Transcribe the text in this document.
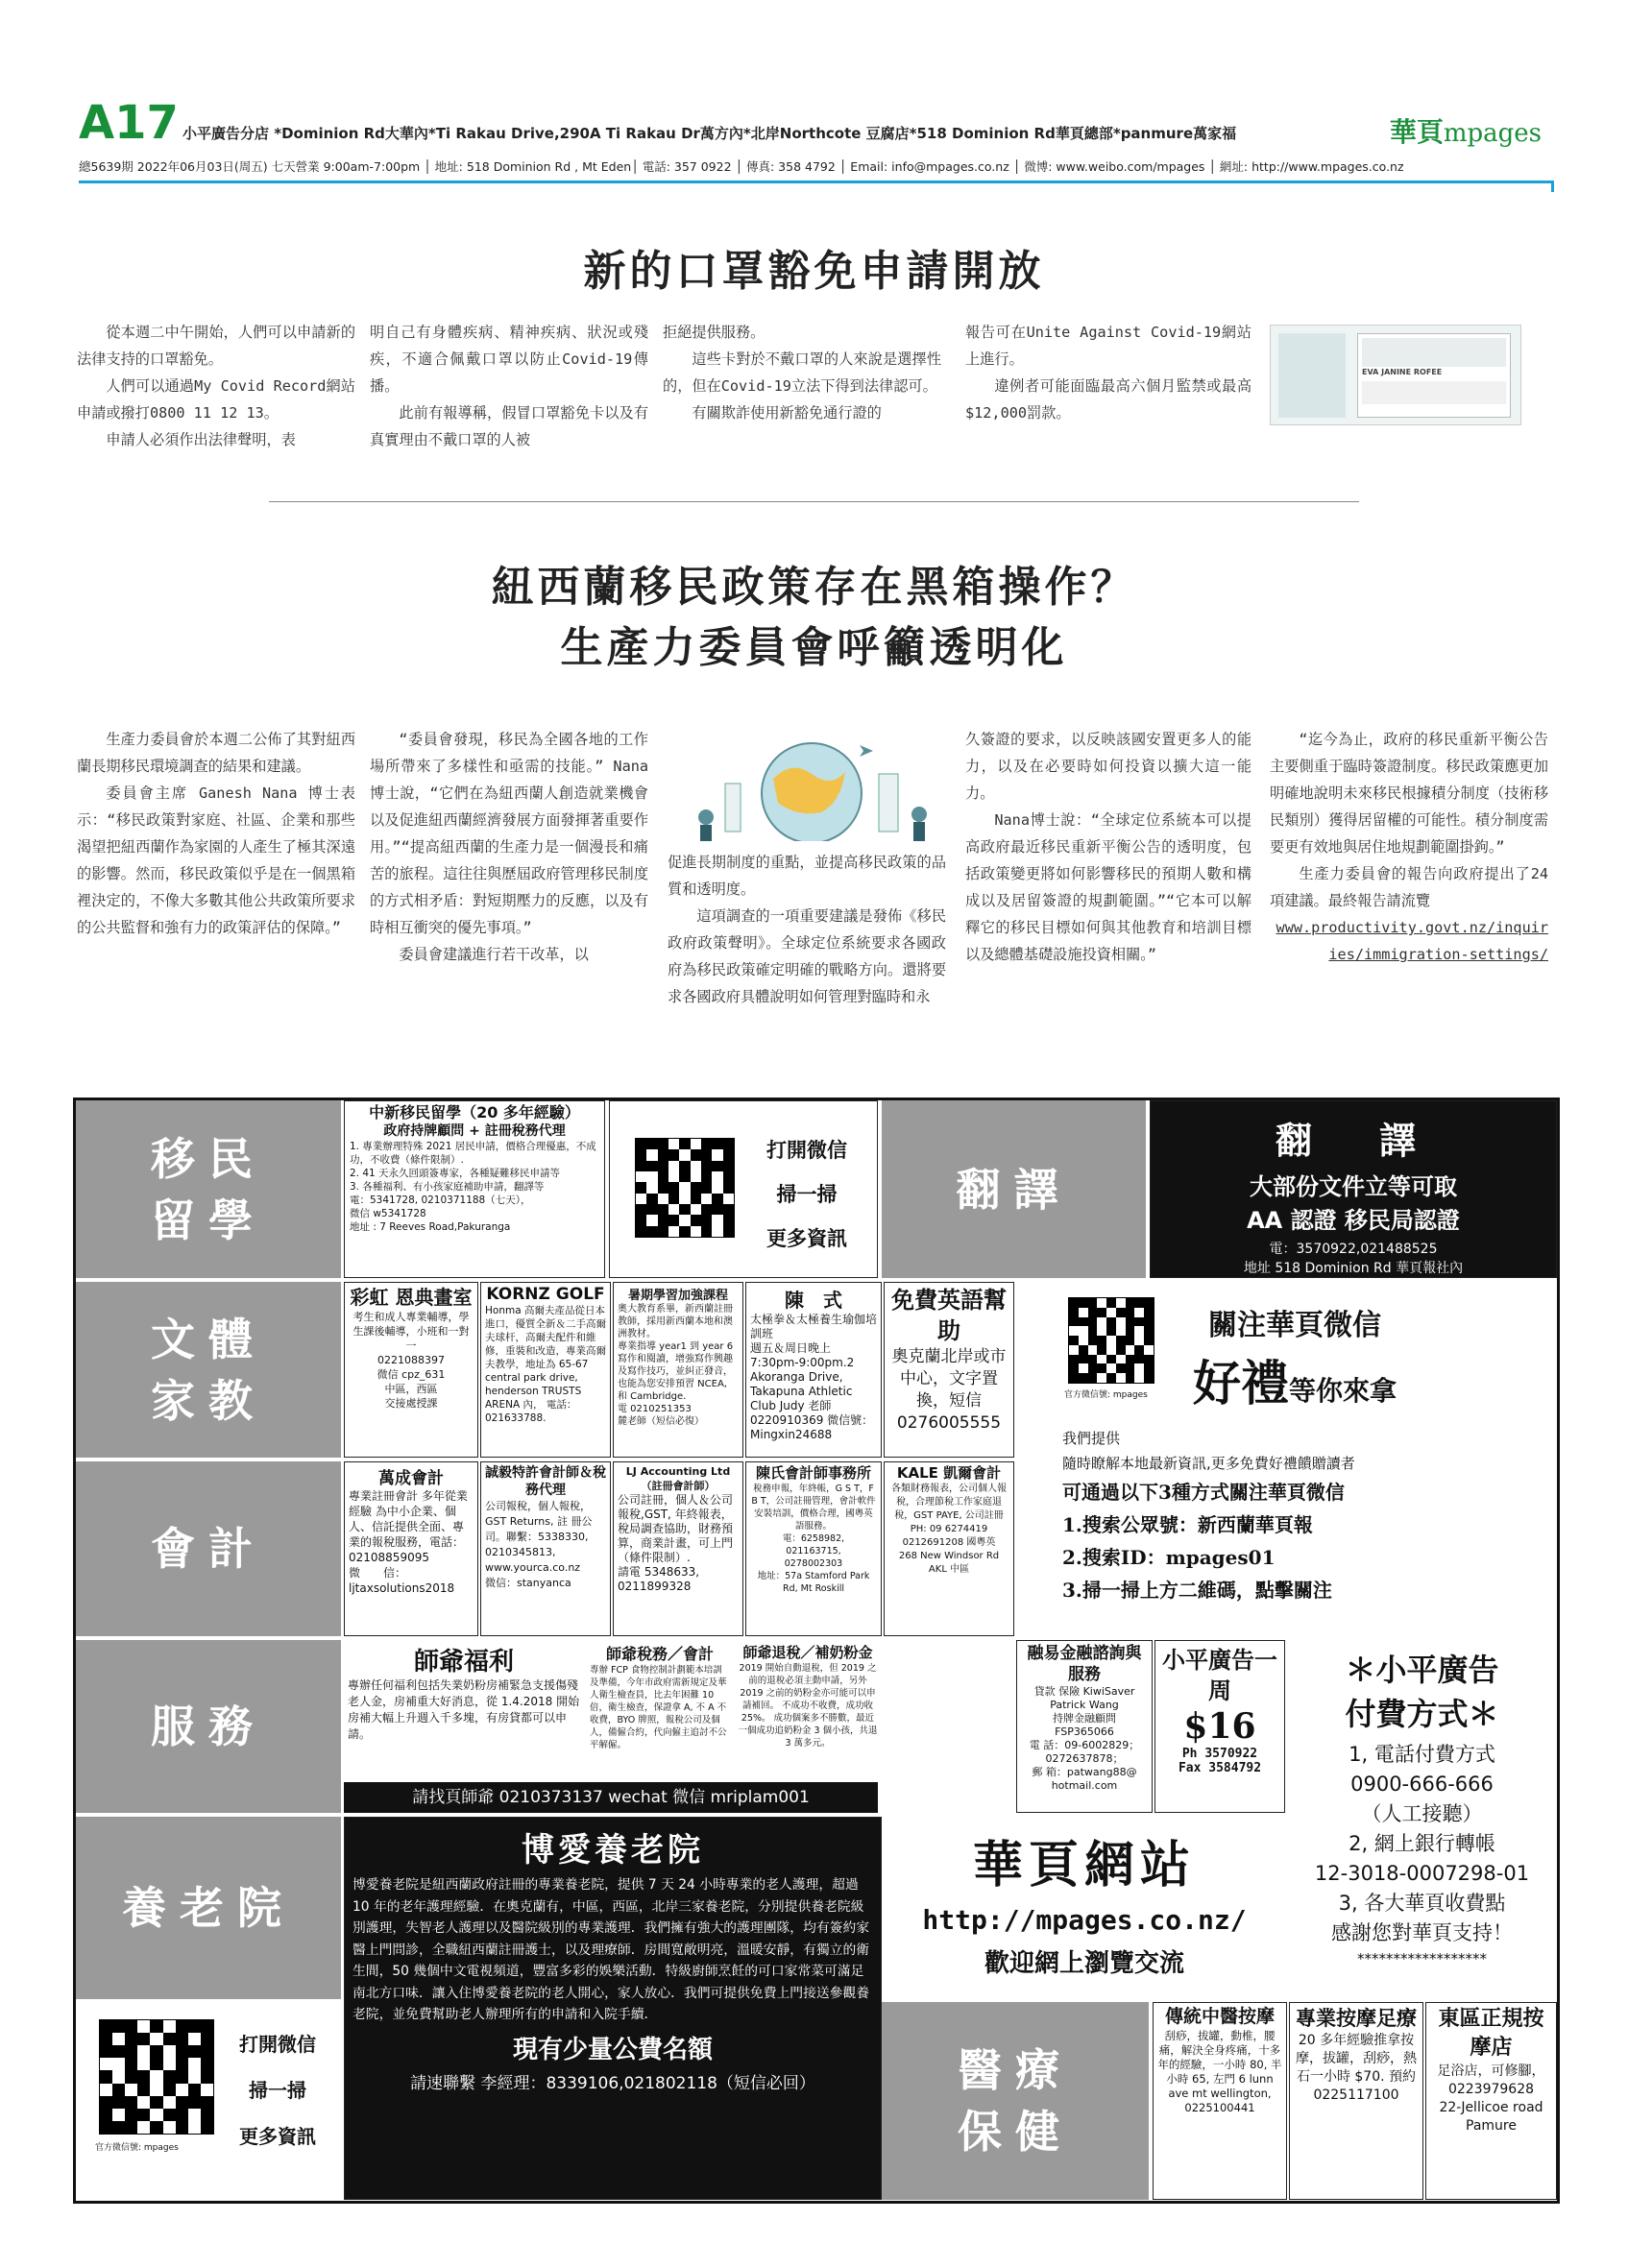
A17 小平廣告分店 *Dominion Rd大華內*Ti Rakau Drive,290A Ti Rakau Dr萬方內*北岸Northcote 豆腐店*518 Dominion Rd華頁總部*panmure萬家福
總5639期 2022年06月03日(周五) 七天營業 9:00am-7:00pm │ 地址: 518 Dominion Rd , Mt Eden│ 電話: 357 0922 │ 傳真: 358 4792 │ Email: info@mpages.co.nz │ 微博: www.weibo.com/mpages │ 網址: http://www.mpages.co.nz
華頁mpages
新的口罩豁免申請開放

從本週二中午開始，人們可以申請新的法律支持的口罩豁免。

人們可以通過My Covid Record網站申請或撥打0800 11 12 13。

申請人必須作出法律聲明，表

明自己有身體疾病、精神疾病、狀況或殘疾，不適合佩戴口罩以防止Covid-19傳播。

此前有報導稱，假冒口罩豁免卡以及有真實理由不戴口罩的人被

拒絕提供服務。

這些卡對於不戴口罩的人來說是選擇性的，但在Covid-19立法下得到法律認可。

有關欺詐使用新豁免通行證的

報告可在Unite Against Covid-19網站上進行。

違例者可能面臨最高六個月監禁或最高$12,000罰款。

EVA JANINE ROFEE
紐西蘭移民政策存在黑箱操作？
生產力委員會呼籲透明化

生產力委員會於本週二公佈了其對紐西蘭長期移民環境調查的結果和建議。

委員會主席 Ganesh Nana 博士表示：“移民政策對家庭、社區、企業和那些渴望把紐西蘭作為家園的人產生了極其深遠的影響。然而，移民政策似乎是在一個黑箱裡決定的，不像大多數其他公共政策所要求的公共監督和強有力的政策評估的保障。”

“委員會發現，移民為全國各地的工作場所帶來了多樣性和亟需的技能。” Nana博士說，“它們在為紐西蘭人創造就業機會以及促進紐西蘭經濟發展方面發揮著重要作用。”“提高紐西蘭的生產力是一個漫長和痛苦的旅程。這往往與歷屆政府管理移民制度的方式相矛盾：對短期壓力的反應，以及有時相互衝突的優先事項。”

委員會建議進行若干改革，以

促進長期制度的重點，並提高移民政策的品質和透明度。

這項調查的一項重要建議是發佈《移民政府政策聲明》。全球定位系統要求各國政府為移民政策確定明確的戰略方向。還將要求各國政府具體說明如何管理對臨時和永

久簽證的要求，以反映該國安置更多人的能力，以及在必要時如何投資以擴大這一能力。

Nana博士說：“全球定位系統本可以提高政府最近移民重新平衡公告的透明度，包括政策變更將如何影響移民的預期人數和構成以及居留簽證的規劃範圍。”“它本可以解釋它的移民目標如何與其他教育和培訓目標以及總體基礎設施投資相關。”

“迄今為止，政府的移民重新平衡公告主要側重于臨時簽證制度。移民政策應更加明確地說明未來移民根據積分制度（技術移民類別）獲得居留權的可能性。積分制度需要更有效地與居住地規劃範圍掛鉤。”

生產力委員會的報告向政府提出了24項建議。最終報告請流覽

www.productivity.govt.nz/inquiries/immigration-settings/

移民
留學
文體
家教
會計
服務
養老院
醫療
保健
翻譯
中新移民留學（20 多年經驗）
政府持牌顧問 + 註冊稅務代理
1. 專業辦理特殊 2021 居民申請，價格合理優惠，不成功，不收費（條件限制）.
2. 41 天永久回頭簽專家，各種疑難移民申請等
3. 各種福利、有小孩家庭補助申請，翻譯等
電：5341728, 0210371188（七天），
微信 w5341728
地址 : 7 Reeves Road,Pakuranga
打開微信
掃一掃
更多資訊
翻　譯
大部份文件立等可取
AA 認證 移民局認證
電：3570922,021488525
地址 518 Dominion Rd 華頁報社內
彩虹 恩典畫室
考生和成人專業輔導，學生課後輔導，小班和一對一
0221088397
微信 cpz_631
中區，西區
交接處授課
KORNZ GOLF
Honma 高爾夫產品從日本進口，優質全新＆二手高爾夫球杆，高爾夫配件和維修，重裝和改造，專業高爾夫教學，地址為 65-67 central park drive, henderson TRUSTS ARENA 內， 電話：021633788.
暑期學習加強課程
奧大教育系畢，新西蘭註冊教師，採用新西蘭本地和澳洲教材。
專業指導 year1 到 year 6 寫作和閱讀，增強寫作興趣及寫作技巧，並糾正發音，也能為您安排預習 NCEA,
和 Cambridge.
電 0210251353
麓老師（短信必復）
陳　式
太極拳＆太極養生瑜伽培訓班
週五＆周日晚上
7:30pm-9:00pm.2 Akoranga Drive, Takapuna Athletic Club Judy 老師
0220910369 微信號：Mingxin24688
免費英語幫助
奧克蘭北岸或市中心，文字置換，短信
0276005555
官方微信號: mpages
關注華頁微信
好禮等你來拿
我們提供
隨時瞭解本地最新資訊,更多免費好禮饋贈讀者
可通過以下3種方式關注華頁微信
1.搜索公眾號：新西蘭華頁報
2.搜索ID：mpages01
3.掃一掃上方二維碼，點擊關注
萬成會計
專業註冊會計 多年從業經驗 為中小企業、個人、信託提供全面、專業的報稅服務，電話：02108859095
微　　信：
ljtaxsolutions2018
誠毅特許會計師＆稅務代理
公司報稅，個人報稅，GST Returns, 註 冊公司。聯繫：5338330, 0210345813,
www.yourca.co.nz
微信：stanyanca
LJ Accounting Ltd（註冊會計師）
公司註冊，個人＆公司報稅,GST, 年終報表，稅局調查協助，財務預算，商業計畫，可上門（條件限制）.
請電 5348633,
0211899328
陳氏會計師事務所
稅務申報，年終帳，G S T，F B T，公司註冊管理，會計軟件安裝培訓，價格合理，國粵英語服務。
電：6258982,
021163715,
0278002303
地址：57a Stamford Park Rd, Mt Roskill
KALE 凱爾會計
各類財務報表，公司個人報稅，合理節稅工作家庭退稅，GST PAYE, 公司註冊
PH: 09 6274419
0212691208 國粵英
268 New Windsor Rd AKL 中區
師爺福利
專辦任何福利包括失業奶粉房補緊急支援傷殘老人金，房補重大好消息，從 1.4.2018 開始房補大幅上升週入千多塊，有房貸都可以申請。
師爺稅務／會計
專辦 FCP 食物控制計劃範本培訓及準備，今年市政府需新規定及華人衛生檢查員，比去年困難 10 倍，衛生檢查，保證拿 A, 不 A 不收費，BYO 牌照，報稅公司及個人，備僱合約，代向僱主追討不公平解僱。
師爺退稅／補奶粉金
2019 開始自動退稅，但 2019 之前的退稅必須主動申請，另外 2019 之前的奶粉金亦可能可以申請補回。 不成功不收費，成功收 25%。 成功個案多不勝數，最近一個成功追奶粉金 3 個小孩，共退 3 萬多元。
請找頁師爺 0210373137 wechat 微信 mriplam001
融易金融諮詢與服務
貸款 保險 KiwiSaver
Patrick Wang
持牌金融顧問
FSP365066
電 話：09-6002829；
0272637878；
郵 箱：patwang88@ hotmail.com
小平廣告一周
$16
Ph 3570922
Fax 3584792
＊小平廣告
付費方式＊
1, 電話付費方式
0900-666-666
（人工接聽）
2, 網上銀行轉帳
12-3018-0007298-01
3, 各大華頁收費點
感謝您對華頁支持！
******************
博愛養老院
博愛養老院是紐西蘭政府註冊的專業養老院，提供 7 天 24 小時專業的老人護理，超過 10 年的老年護理經驗．在奧克蘭有，中區，西區，北岸三家養老院，分別提供養老院級別護理，失智老人護理以及醫院級別的專業護理．我們擁有強大的護理團隊，均有簽約家醫上門問診，全職紐西蘭註冊護士，以及理療師．房間寬敞明亮，溫暖安靜，有獨立的衛生間，50 幾個中文電視頻道，豐富多彩的娛樂活動．特級廚師烹飪的可口家常菜可滿足南北方口味．讓入住博愛養老院的老人開心，家人放心．我們可提供免費上門接送參觀養老院，並免費幫助老人辦理所有的申請和入院手續．
現有少量公費名額
請速聯繫 李經理：8339106,021802118（短信必回）
華頁網站
http://mpages.co.nz/
歡迎網上瀏覽交流
官方微信號: mpages
打開微信
掃一掃
更多資訊
傳統中醫按摩
刮痧，拔罐，動椎，腰痛，解決全身疼痛，十多年的經驗，一小時 80, 半小時 65, 左門 6 lunn ave mt wellington,
0225100441
專業按摩足療
20 多年經驗推拿按摩，拔罐，刮痧，熱石一小時 $70. 預約 0225117100
東區正規按摩店
足浴店，可修腳，0223979628
22-Jellicoe road Pamure
